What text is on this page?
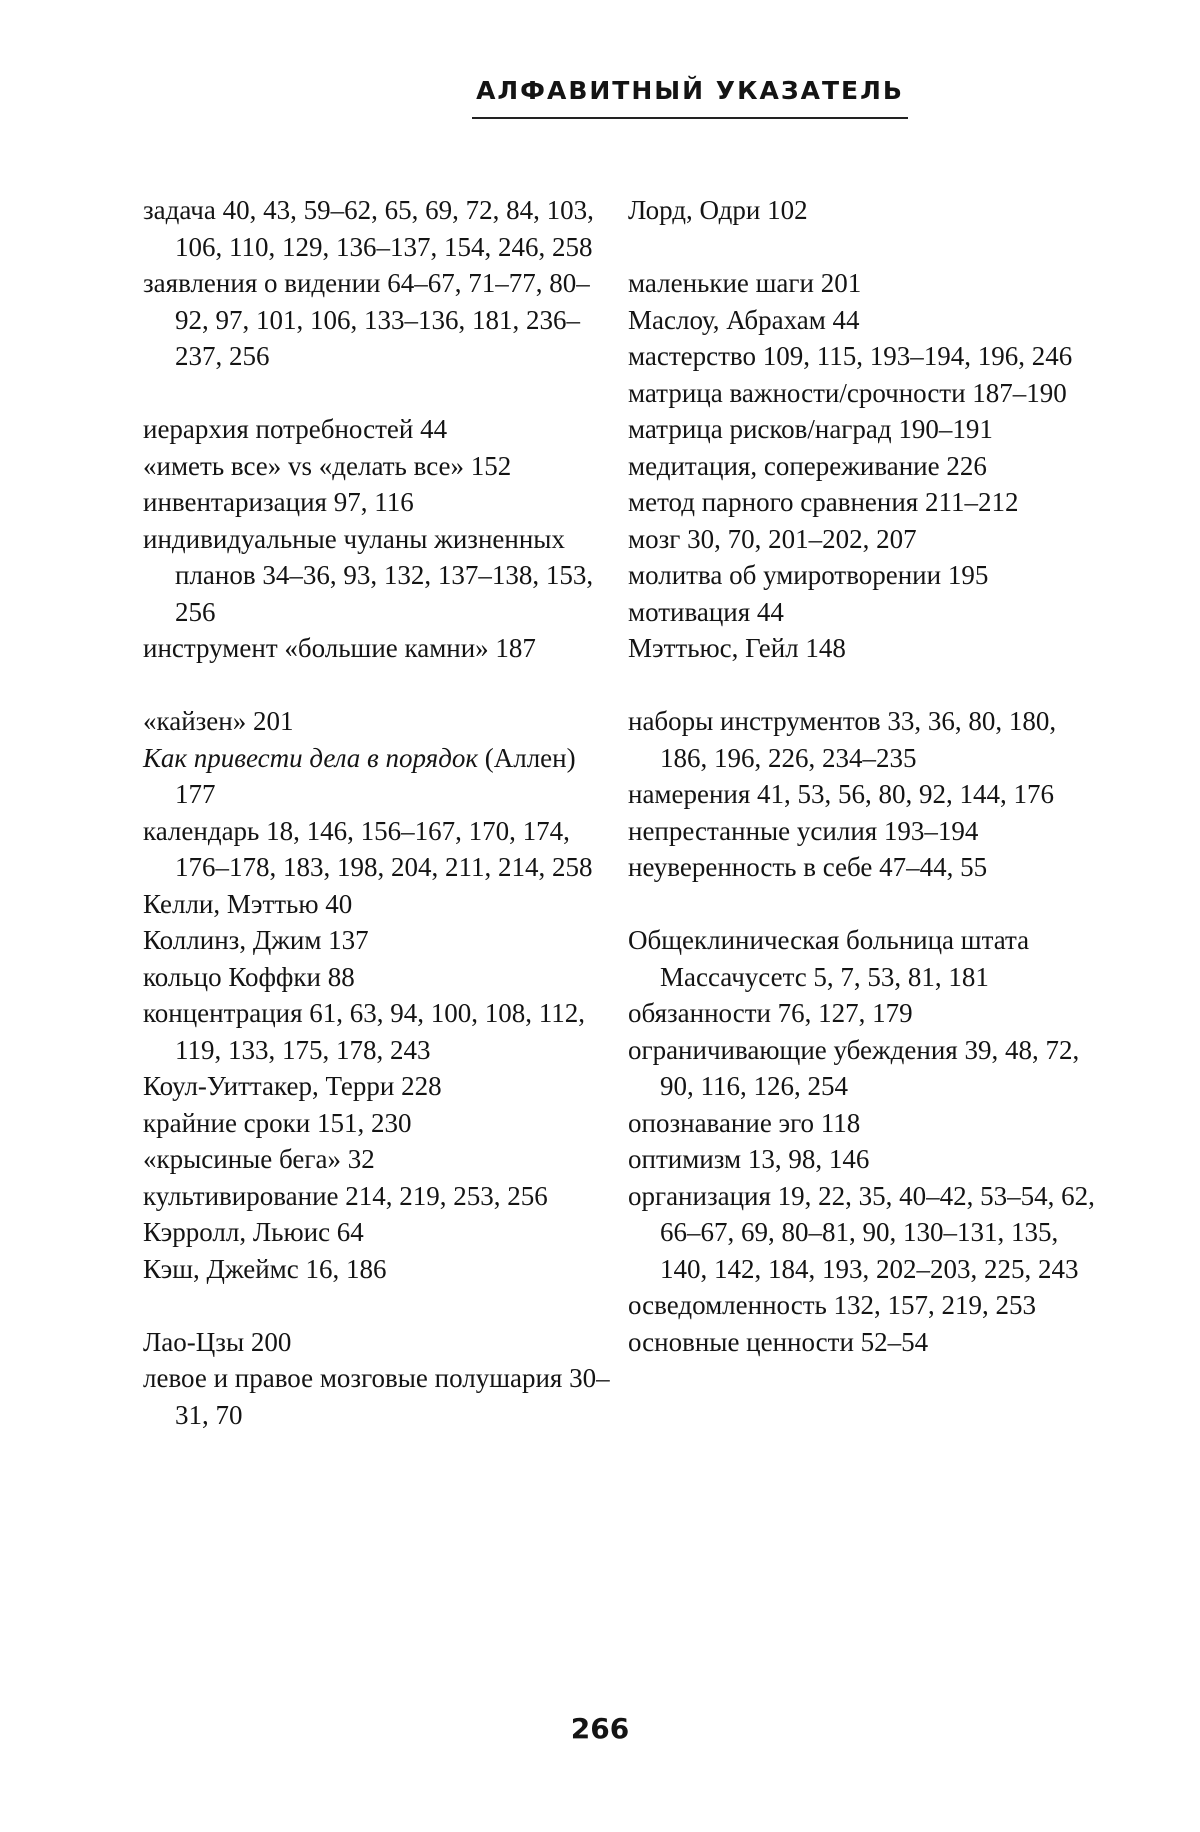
АЛФАВИТНЫЙ УКАЗАТЕЛЬ
задача 40, 43, 59–62, 65, 69, 72, 84, 103, 106, 110, 129, 136–137, 154, 246, 258
заявления о видении 64–67, 71–77, 80–92, 97, 101, 106, 133–136, 181, 236–237, 256
иерархия потребностей 44
«иметь все» vs «делать все» 152
инвентаризация 97, 116
индивидуальные чуланы жизненных планов 34–36, 93, 132, 137–138, 153, 256
инструмент «большие камни» 187
«кайзен» 201
Как привести дела в порядок (Аллен) 177
календарь 18, 146, 156–167, 170, 174, 176–178, 183, 198, 204, 211, 214, 258
Келли, Мэттью 40
Коллинз, Джим 137
кольцо Коффки 88
концентрация 61, 63, 94, 100, 108, 112, 119, 133, 175, 178, 243
Коул-Уиттакер, Терри 228
крайние сроки 151, 230
«крысиные бега» 32
культивирование 214, 219, 253, 256
Кэрролл, Льюис 64
Кэш, Джеймс 16, 186
Лао-Цзы 200
левое и правое мозговые полушария 30–31, 70
Лорд, Одри 102
маленькие шаги 201
Маслоу, Абрахам 44
мастерство 109, 115, 193–194, 196, 246
матрица важности/срочности 187–190
матрица рисков/наград 190–191
медитация, сопереживание 226
метод парного сравнения 211–212
мозг 30, 70, 201–202, 207
молитва об умиротворении 195
мотивация 44
Мэттьюс, Гейл 148
наборы инструментов 33, 36, 80, 180, 186, 196, 226, 234–235
намерения 41, 53, 56, 80, 92, 144, 176
непрестанные усилия 193–194
неуверенность в себе 47–44, 55
Общеклиническая больница штата Массачусетс 5, 7, 53, 81, 181
обязанности 76, 127, 179
ограничивающие убеждения 39, 48, 72, 90, 116, 126, 254
опознавание эго 118
оптимизм 13, 98, 146
организация 19, 22, 35, 40–42, 53–54, 62, 66–67, 69, 80–81, 90, 130–131, 135, 140, 142, 184, 193, 202–203, 225, 243
осведомленность 132, 157, 219, 253
основные ценности 52–54
266
